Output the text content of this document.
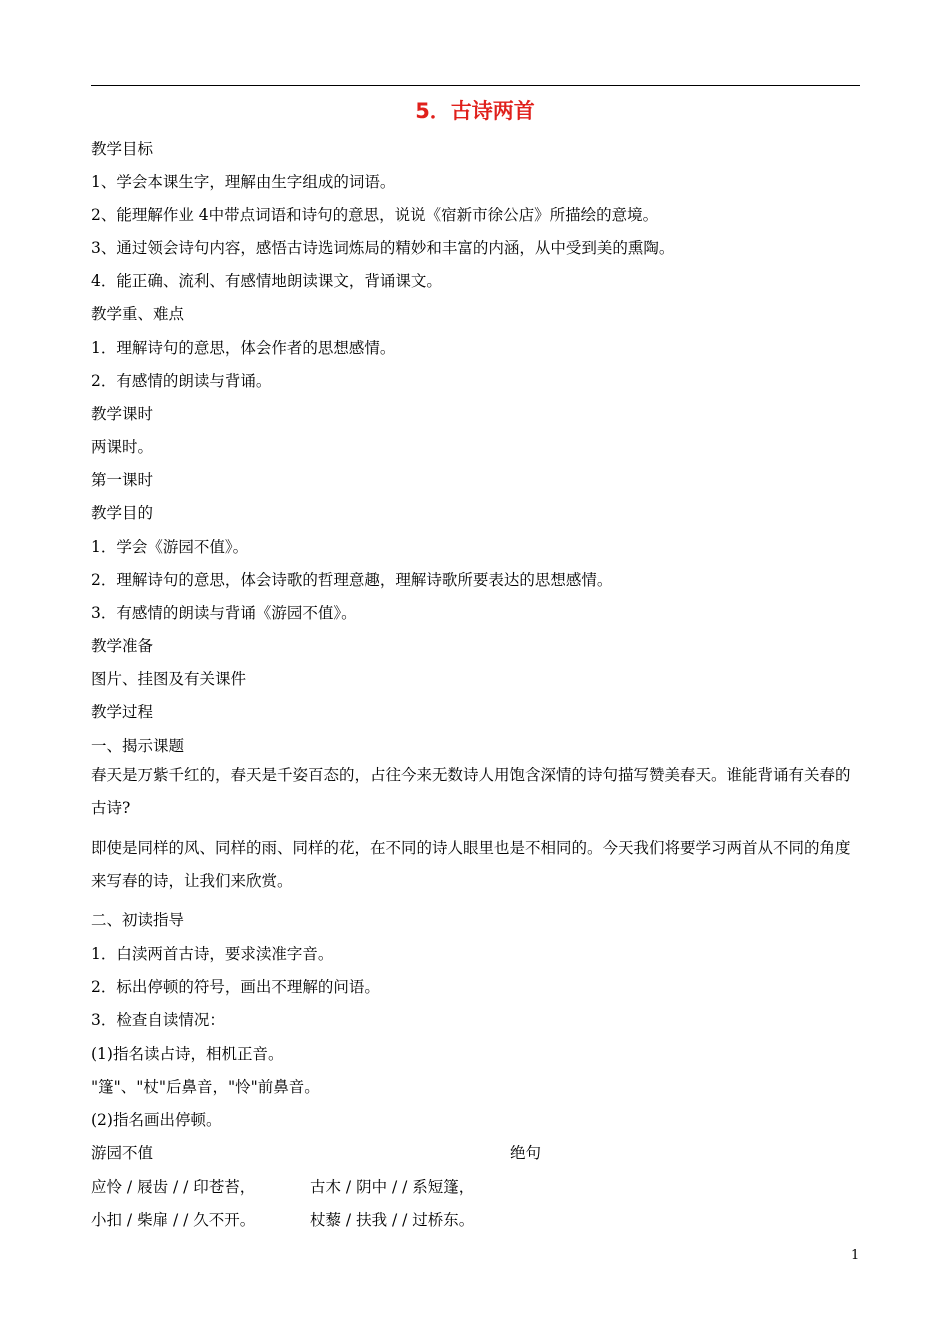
5．古诗两首
教学目标
1、学会本课生字，理解由生字组成的词语。
2、能理解作业 4中带点词语和诗句的意思，说说《宿新市徐公店》所描绘的意境。
3、通过领会诗句内容，感悟古诗选词炼局的精妙和丰富的内涵，从中受到美的熏陶。
4．能正确、流利、有感情地朗读课文，背诵课文。
教学重、难点
1．理解诗句的意思，体会作者的思想感情。
2．有感情的朗读与背诵。
教学课时
两课时。
第一课时
教学目的
1．学会《游园不值》。
2．理解诗句的意思，体会诗歌的哲理意趣，理解诗歌所要表达的思想感情。
3．有感情的朗读与背诵《游园不值》。
教学准备
图片、挂图及有关课件
教学过程
一、揭示课题
春天是万紫千红的，春天是千姿百态的，占往今来无数诗人用饱含深情的诗句描写赞美春天。谁能背诵有关春的古诗?
即使是同样的风、同样的雨、同样的花，在不同的诗人眼里也是不相同的。今天我们将要学习两首从不同的角度来写春的诗，让我们来欣赏。
二、初读指导
1．白渎两首古诗，要求渎准字音。
2．标出停顿的符号，画出不理解的问语。
3．检查自读情况：
(1)指名读占诗，相机正音。
"篷"、"杖"后鼻音，"怜"前鼻音。
(2)指名画出停顿。
游园不值	绝句
应怜 / 屐齿 / / 印苍苔，	古木 / 阴中 / / 系短篷，
小扣 / 柴扉 / / 久不开。	杖藜 / 扶我 / / 过桥东。
1
